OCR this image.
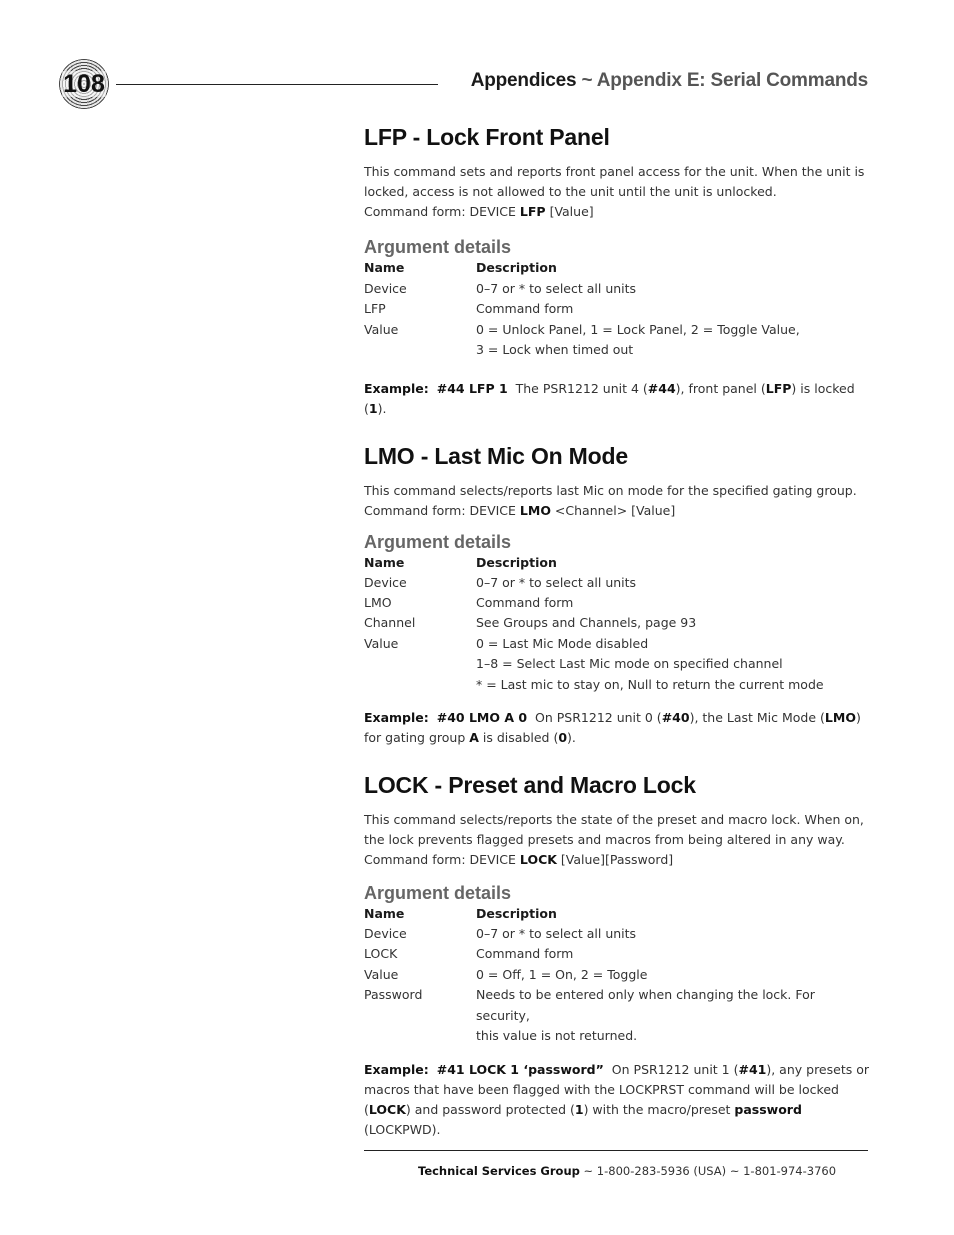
108	Appendices ~ Appendix E: Serial Commands
LFP - Lock Front Panel

This command sets and reports front panel access for the unit. When the unit is locked, access is not allowed to the unit until the unit is unlocked.

Command form: DEVICE LFP [Value]

Argument details
Name	Description
Device	0–7 or * to select all units
LFP	Command form
Value	0 = Unlock Panel, 1 = Lock Panel, 2 = Toggle Value,
3 = Lock when timed out

Example: #44 LFP 1 The PSR1212 unit 4 (#44), front panel (LFP) is locked (1).

LMO - Last Mic On Mode

This command selects/reports last Mic on mode for the specified gating group.

Command form: DEVICE LMO <Channel> [Value]

Argument details
Name	Description
Device	0–7 or * to select all units
LMO	Command form
Channel	See Groups and Channels, page 93
Value	0 = Last Mic Mode disabled
1–8 = Select Last Mic mode on specified channel
* = Last mic to stay on, Null to return the current mode

Example: #40 LMO A 0 On PSR1212 unit 0 (#40), the Last Mic Mode (LMO) for gating group A is disabled (0).

LOCK - Preset and Macro Lock

This command selects/reports the state of the preset and macro lock. When on, the lock prevents flagged presets and macros from being altered in any way.

Command form: DEVICE LOCK [Value][Password]

Argument details
Name	Description
Device	0–7 or * to select all units
LOCK	Command form
Value	0 = Off, 1 = On, 2 = Toggle
Password	Needs to be entered only when changing the lock. For security,
this value is not returned.

Example: #41 LOCK 1 ‘password” On PSR1212 unit 1 (#41), any presets or macros that have been flagged with the LOCKPRST command will be locked (LOCK) and password protected (1) with the macro/preset password (LOCKPWD).

Technical Services Group ~ 1-800-283-5936 (USA) ~ 1-801-974-3760
